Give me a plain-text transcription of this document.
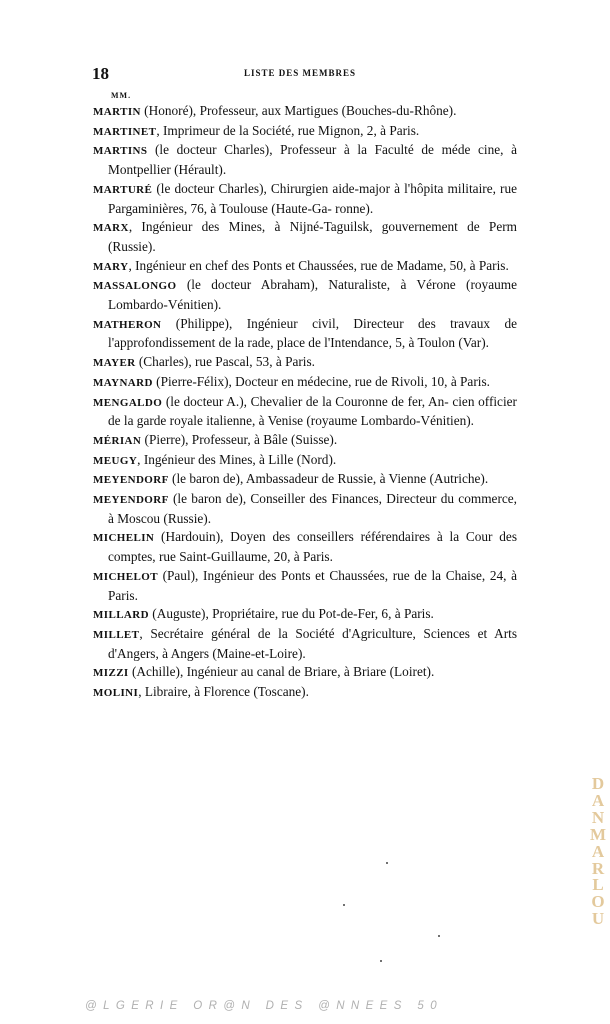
18	LISTE DES MEMBRES
MM.
MARTIN (Honoré), Professeur, aux Martigues (Bouches-du-Rhône).
MARTINET, Imprimeur de la Société, rue Mignon, 2, à Paris.
MARTINS (le docteur Charles), Professeur à la Faculté de méde cine, à Montpellier (Hérault).
MARTURÉ (le docteur Charles), Chirurgien aide-major à l'hôpita militaire, rue Pargaminières, 76, à Toulouse (Haute-Ga- ronne).
MARX, Ingénieur des Mines, à Nijné-Taguilsk, gouvernement de Perm (Russie).
MARY, Ingénieur en chef des Ponts et Chaussées, rue de Madame, 50, à Paris.
MASSALONGO (le docteur Abraham), Naturaliste, à Vérone (royaume Lombardo-Vénitien).
MATHERON (Philippe), Ingénieur civil, Directeur des travaux de l'approfondissement de la rade, place de l'Intendance, 5, à Toulon (Var).
MAYER (Charles), rue Pascal, 53, à Paris.
MAYNARD (Pierre-Félix), Docteur en médecine, rue de Rivoli, 10, à Paris.
MENGALDO (le docteur A.), Chevalier de la Couronne de fer, An- cien officier de la garde royale italienne, à Venise (royaume Lombardo-Vénitien).
MÉRIAN (Pierre), Professeur, à Bâle (Suisse).
MEUGY, Ingénieur des Mines, à Lille (Nord).
MEYENDORF (le baron de), Ambassadeur de Russie, à Vienne (Autriche).
MEYENDORF (le baron de), Conseiller des Finances, Directeur du commerce, à Moscou (Russie).
MICHELIN (Hardouin), Doyen des conseillers référendaires à la Cour des comptes, rue Saint-Guillaume, 20, à Paris.
MICHELOT (Paul), Ingénieur des Ponts et Chaussées, rue de la Chaise, 24, à Paris.
MILLARD (Auguste), Propriétaire, rue du Pot-de-Fer, 6, à Paris.
MILLET, Secrétaire général de la Société d'Agriculture, Sciences et Arts d'Angers, à Angers (Maine-et-Loire).
MIZZI (Achille), Ingénieur au canal de Briare, à Briare (Loiret).
MOLINI, Libraire, à Florence (Toscane).
DANMARLOU
@LGERIE OR@N DES @NNEES 50
